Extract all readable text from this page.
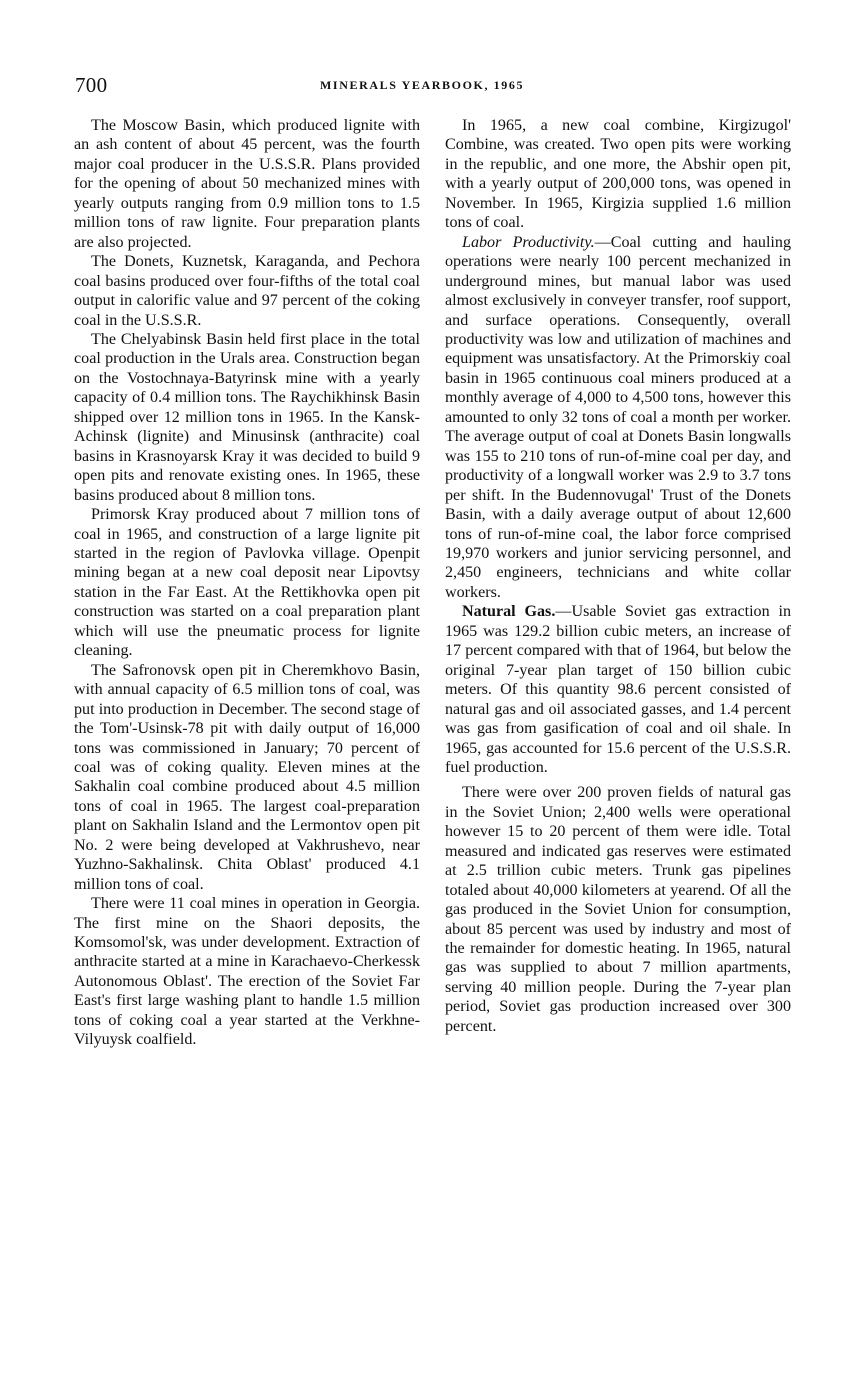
700	MINERALS YEARBOOK, 1965

The Moscow Basin, which produced lignite with an ash content of about 45 percent, was the fourth major coal producer in the U.S.S.R. Plans provided for the opening of about 50 mechanized mines with yearly outputs ranging from 0.9 million tons to 1.5 million tons of raw lignite. Four preparation plants are also projected.

The Donets, Kuznetsk, Karaganda, and Pechora coal basins produced over four-fifths of the total coal output in calorific value and 97 percent of the coking coal in the U.S.S.R.

The Chelyabinsk Basin held first place in the total coal production in the Urals area. Construction began on the Vostochnaya-Batyrinsk mine with a yearly capacity of 0.4 million tons. The Raychikhinsk Basin shipped over 12 million tons in 1965. In the Kansk-Achinsk (lignite) and Minusinsk (anthracite) coal basins in Krasnoyarsk Kray it was decided to build 9 open pits and renovate existing ones. In 1965, these basins produced about 8 million tons.

Primorsk Kray produced about 7 million tons of coal in 1965, and construction of a large lignite pit started in the region of Pavlovka village. Openpit mining began at a new coal deposit near Lipovtsy station in the Far East. At the Rettikhovka open pit construction was started on a coal preparation plant which will use the pneumatic process for lignite cleaning.

The Safronovsk open pit in Cheremkhovo Basin, with annual capacity of 6.5 million tons of coal, was put into production in December. The second stage of the Tom'-Usinsk-78 pit with daily output of 16,000 tons was commissioned in January; 70 percent of coal was of coking quality. Eleven mines at the Sakhalin coal combine produced about 4.5 million tons of coal in 1965. The largest coal-preparation plant on Sakhalin Island and the Lermontov open pit No. 2 were being developed at Vakhrushevo, near Yuzhno-Sakhalinsk. Chita Oblast' produced 4.1 million tons of coal.

There were 11 coal mines in operation in Georgia. The first mine on the Shaori deposits, the Komsomol'sk, was under development. Extraction of anthracite started at a mine in Karachaevo-Cherkessk Autonomous Oblast'. The erection of the Soviet Far East's first large washing plant to handle 1.5 million tons of coking coal a year started at the Verkhne-Vilyuysk coalfield.

In 1965, a new coal combine, Kirgizugol' Combine, was created. Two open pits were working in the republic, and one more, the Abshir open pit, with a yearly output of 200,000 tons, was opened in November. In 1965, Kirgizia supplied 1.6 million tons of coal.

Labor Productivity.—Coal cutting and hauling operations were nearly 100 percent mechanized in underground mines, but manual labor was used almost exclusively in conveyer transfer, roof support, and surface operations. Consequently, overall productivity was low and utilization of machines and equipment was unsatisfactory. At the Primorskiy coal basin in 1965 continuous coal miners produced at a monthly average of 4,000 to 4,500 tons, however this amounted to only 32 tons of coal a month per worker. The average output of coal at Donets Basin longwalls was 155 to 210 tons of run-of-mine coal per day, and productivity of a longwall worker was 2.9 to 3.7 tons per shift. In the Budennovugal' Trust of the Donets Basin, with a daily average output of about 12,600 tons of run-of-mine coal, the labor force comprised 19,970 workers and junior servicing personnel, and 2,450 engineers, technicians and white collar workers.

Natural Gas.—Usable Soviet gas extraction in 1965 was 129.2 billion cubic meters, an increase of 17 percent compared with that of 1964, but below the original 7-year plan target of 150 billion cubic meters. Of this quantity 98.6 percent consisted of natural gas and oil associated gasses, and 1.4 percent was gas from gasification of coal and oil shale. In 1965, gas accounted for 15.6 percent of the U.S.S.R. fuel production.

There were over 200 proven fields of natural gas in the Soviet Union; 2,400 wells were operational however 15 to 20 percent of them were idle. Total measured and indicated gas reserves were estimated at 2.5 trillion cubic meters. Trunk gas pipelines totaled about 40,000 kilometers at yearend. Of all the gas produced in the Soviet Union for consumption, about 85 percent was used by industry and most of the remainder for domestic heating. In 1965, natural gas was supplied to about 7 million apartments, serving 40 million people. During the 7-year plan period, Soviet gas production increased over 300 percent.
